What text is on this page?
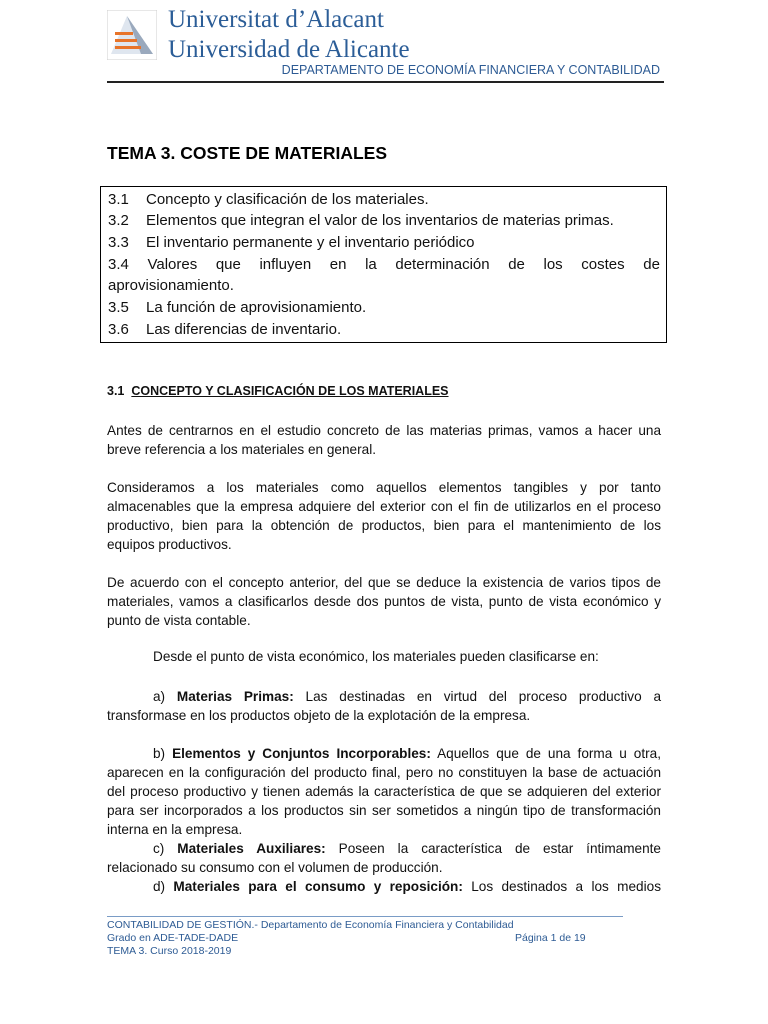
Universitat d’Alacant
Universidad de Alicante
DEPARTAMENTO DE ECONOMÍA FINANCIERA Y CONTABILIDAD
TEMA 3. COSTE DE MATERIALES
3.1 Concepto y clasificación de los materiales.
3.2 Elementos que integran el valor de los inventarios de materias primas.
3.3 El inventario permanente y el inventario periódico
3.4 Valores que influyen en la determinación de los costes de
aprovisionamiento.
3.5 La función de aprovisionamiento.
3.6 Las diferencias de inventario.
3.1 CONCEPTO Y CLASIFICACIÓN DE LOS MATERIALES
Antes de centrarnos en el estudio concreto de las materias primas, vamos a hacer una
breve referencia a los materiales en general.
Consideramos a los materiales como aquellos elementos tangibles y por tanto
almacenables que la empresa adquiere del exterior con el fin de utilizarlos en el proceso
productivo, bien para la obtención de productos, bien para el mantenimiento de los
equipos productivos.
De acuerdo con el concepto anterior, del que se deduce la existencia de varios tipos de
materiales, vamos a clasificarlos desde dos puntos de vista, punto de vista económico y
punto de vista contable.
Desde el punto de vista económico, los materiales pueden clasificarse en:
a) Materias Primas: Las destinadas en virtud del proceso productivo a
transformase en los productos objeto de la explotación de la empresa.
b) Elementos y Conjuntos Incorporables: Aquellos que de una forma u otra,
aparecen en la configuración del producto final, pero no constituyen la base de actuación
del proceso productivo y tienen además la característica de que se adquieren del exterior
para ser incorporados a los productos sin ser sometidos a ningún tipo de transformación
interna en la empresa.
c) Materiales Auxiliares: Poseen la característica de estar íntimamente
relacionado su consumo con el volumen de producción.
d) Materiales para el consumo y reposición: Los destinados a los medios
CONTABILIDAD DE GESTIÓN.- Departamento de Economía Financiera y Contabilidad
Grado en ADE-TADE-DADE	Página 1 de 19
TEMA 3. Curso 2018-2019
